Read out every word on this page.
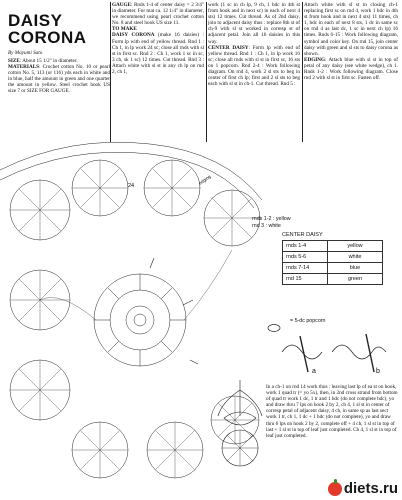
DAISY
CORONA
By Mayumi Sato

SIZE: About 15 1/2" in diameter.

MATERIALS: Crochet cotton No. 10 or pearl cotton No. 5, 113 (or 116) yds each in white and in blue, half the amount in green and one quarter the amount in yellow. Steel crochet hook US size 7 or SIZE FOR GAUGE.

GAUGE: Rnds 1-4 of center daisy = 2 3/4" in diameter. For mat ca. 12 1/4" in diameter, we recommend using pearl crochet cotton No. 8 and steel hook US size 11.

TO MAKE

DAISY CORONA (make 16 daisies) : Form lp with end of yellow thread. Rnd 1 : Ch 1, in lp work 24 sc; close all rnds with sl st in first sc. Rnd 2 : Ch 1, work 1 sc in sc, 3 ch, sk 1 sc) 12 times. Cut thread. Rnd 3 : Attach white with sl st in any ch lp on rnd 2, ch 1,

work (1 sc in ch lp, 9 ch, 1 hdc in 4th st from hook and in next sc) in each of next 4 sts) 12 times. Cut thread. As of 2nd daisy, join to adjacent daisy thus : replace 8th st of ch-9 with sl st worked in corresp st of adjacent petal. Join all 16 daisies in this way.

CENTER DAISY: Form lp with end of yellow thread. Rnd 1 : Ch 1, in lp work 16 sc; close all rnds with sl st in first sc, 16 sts on 1 popcorn. Rnd 2-4 : Work following diagram. On rnd 4, work 2 sl sts to beg in center of first ch lp; first and 2 sl sts to beg each with sl st in ch-1. Cut thread. Rnd 5 :

Attach white with sl st in closing ch-1 replacing first sc on rnd 4, work 1 hdc in 4th st from hook and in next 4 sts) 11 times, ch 1, hdc in each of next 8 sts, 1 dc in same sc on rnd 4 as last dc, 1 sc in next ch lp) 16 times. Rnds 6-15 : Work following diagram, symbol and color key. On rnd 15, join center daisy with green and sl sts to daisy corona as shown.

EDGING: Attach blue with sl st in top of petal of any daisy (see white wedge), ch 1. Rnds 1-2 : Work following diagram. Close rnd 2 with sl st in first sc. Fasten off.

24
edging
rnds 1-2 : yellow
rnd 3 : white
CENTER DAISY
rnds 1-4	yellow
rnds 5-6	white
rnds 7-14	blue
rnd 15	green
= 5-dc popcorn
a	b
In a ch-1 on rnd 14 work thus : leaving last lp of ea st on hook, work 1 quad tr (= yo 5x), then, in 2nd cross strand from bottom of quad tr work 1 dc, 1 tr and 1 hdc (do not complete hdc), yo and draw thru 7 lps on hook 2 by 2, ch 4, 1 sl st in center of corresp petal of adjacent daisy, 4 ch, in same sp as last sect work 1 tr, ch 1, 1 dc + 1 hdc (do not complete), yo and draw thru 6 lps on hook 2 by 2, complete off + 4 ch, 1 sl st in top of last + 1 sl st in top of leaf just completed. Ch 4, 1 sl st in top of leaf just completed.
diets.ru
